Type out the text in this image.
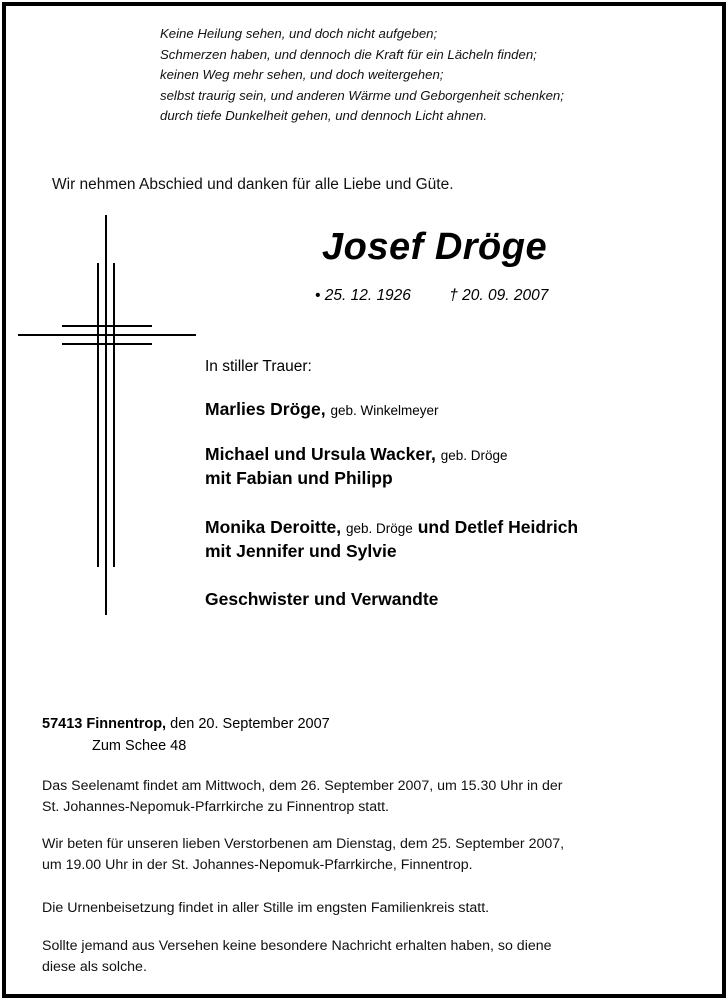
Keine Heilung sehen, und doch nicht aufgeben;
Schmerzen haben, und dennoch die Kraft für ein Lächeln finden;
keinen Weg mehr sehen, und doch weitergehen;
selbst traurig sein, und anderen Wärme und Geborgenheit schenken;
durch tiefe Dunkelheit gehen, und dennoch Licht ahnen.
Wir nehmen Abschied und danken für alle Liebe und Güte.
Josef Dröge
• 25. 12. 1926 † 20. 09. 2007
In stiller Trauer:
Marlies Dröge, geb. Winkelmeyer
Michael und Ursula Wacker, geb. Dröge
mit Fabian und Philipp
Monika Deroitte, geb. Dröge und Detlef Heidrich
mit Jennifer und Sylvie
Geschwister und Verwandte
57413 Finnentrop, den 20. September 2007
Zum Schee 48
Das Seelenamt findet am Mittwoch, dem 26. September 2007, um 15.30 Uhr in der
St. Johannes-Nepomuk-Pfarrkirche zu Finnentrop statt.
Wir beten für unseren lieben Verstorbenen am Dienstag, dem 25. September 2007,
um 19.00 Uhr in der St. Johannes-Nepomuk-Pfarrkirche, Finnentrop.
Die Urnenbeisetzung findet in aller Stille im engsten Familienkreis statt.
Sollte jemand aus Versehen keine besondere Nachricht erhalten haben, so diene
diese als solche.
